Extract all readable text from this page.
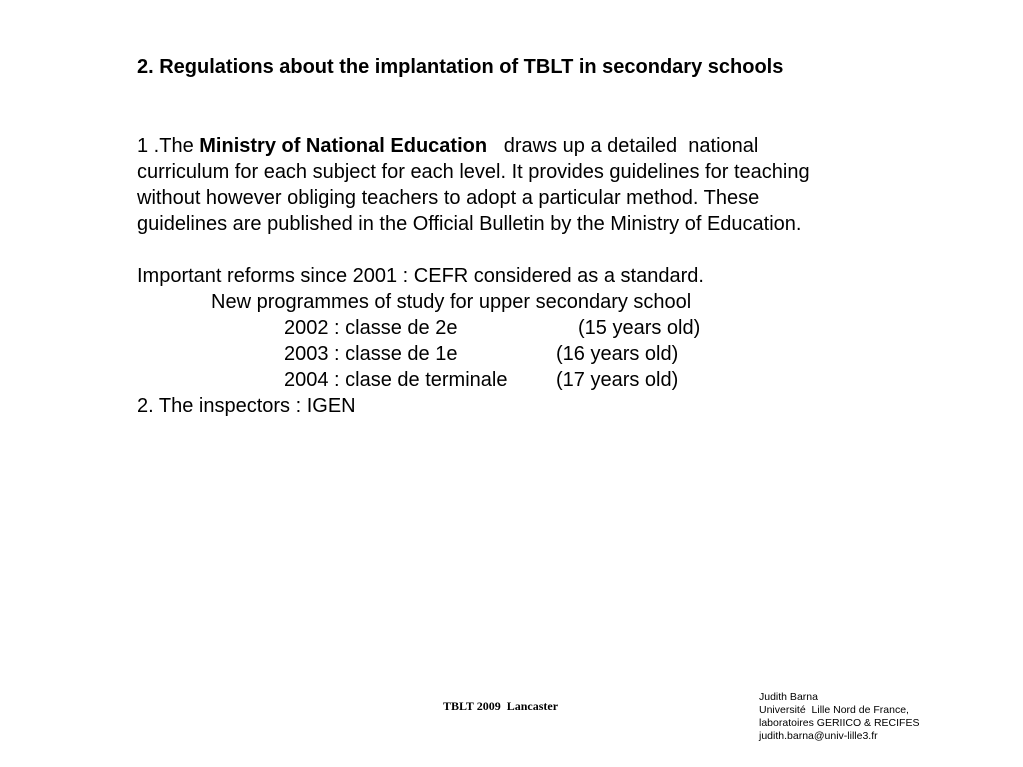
2. Regulations about the implantation of TBLT in secondary schools
1 .The Ministry of National Education   draws up a detailed  national
curriculum for each subject for each level. It provides guidelines for teaching
without however obliging teachers to adopt a particular method. These
guidelines are published in the Official Bulletin by the Ministry of Education.
Important reforms since 2001 : CEFR considered as a standard.
New programmes of study for upper secondary school
2002 : classe de 2e	(15 years old)
2003 : classe de 1e	(16 years old)
2004 : clase de terminale (17 years old)
2. The inspectors : IGEN
TBLT 2009  Lancaster
Judith Barna
Université  Lille Nord de France,
laboratoires GERIICO & RECIFES
judith.barna@univ-lille3.fr
